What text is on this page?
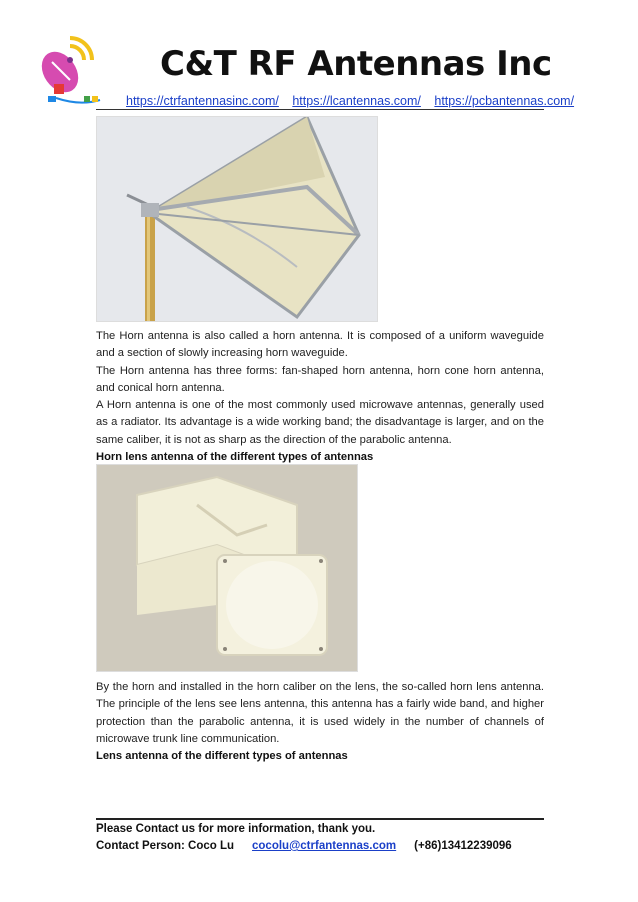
C&T RF Antennas Inc
https://ctrfantennasinc.com/ https://lcantennas.com/ https://pcbantennas.com/

The Horn antenna is also called a horn antenna. It is composed of a uniform waveguide and a section of slowly increasing horn waveguide.

The Horn antenna has three forms: fan-shaped horn antenna, horn cone horn antenna, and conical horn antenna.

A Horn antenna is one of the most commonly used microwave antennas, generally used as a radiator. Its advantage is a wide working band; the disadvantage is larger, and on the same caliber, it is not as sharp as the direction of the parabolic antenna.

Horn lens antenna of the different types of antennas

By the horn and installed in the horn caliber on the lens, the so-called horn lens antenna. The principle of the lens see lens antenna, this antenna has a fairly wide band, and higher protection than the parabolic antenna, it is used widely in the number of channels of microwave trunk line communication.

Lens antenna of the different types of antennas

Please Contact us for more information, thank you.
Contact Person: Coco Lu cocolu@ctrfantennas.com (+86)13412239096
